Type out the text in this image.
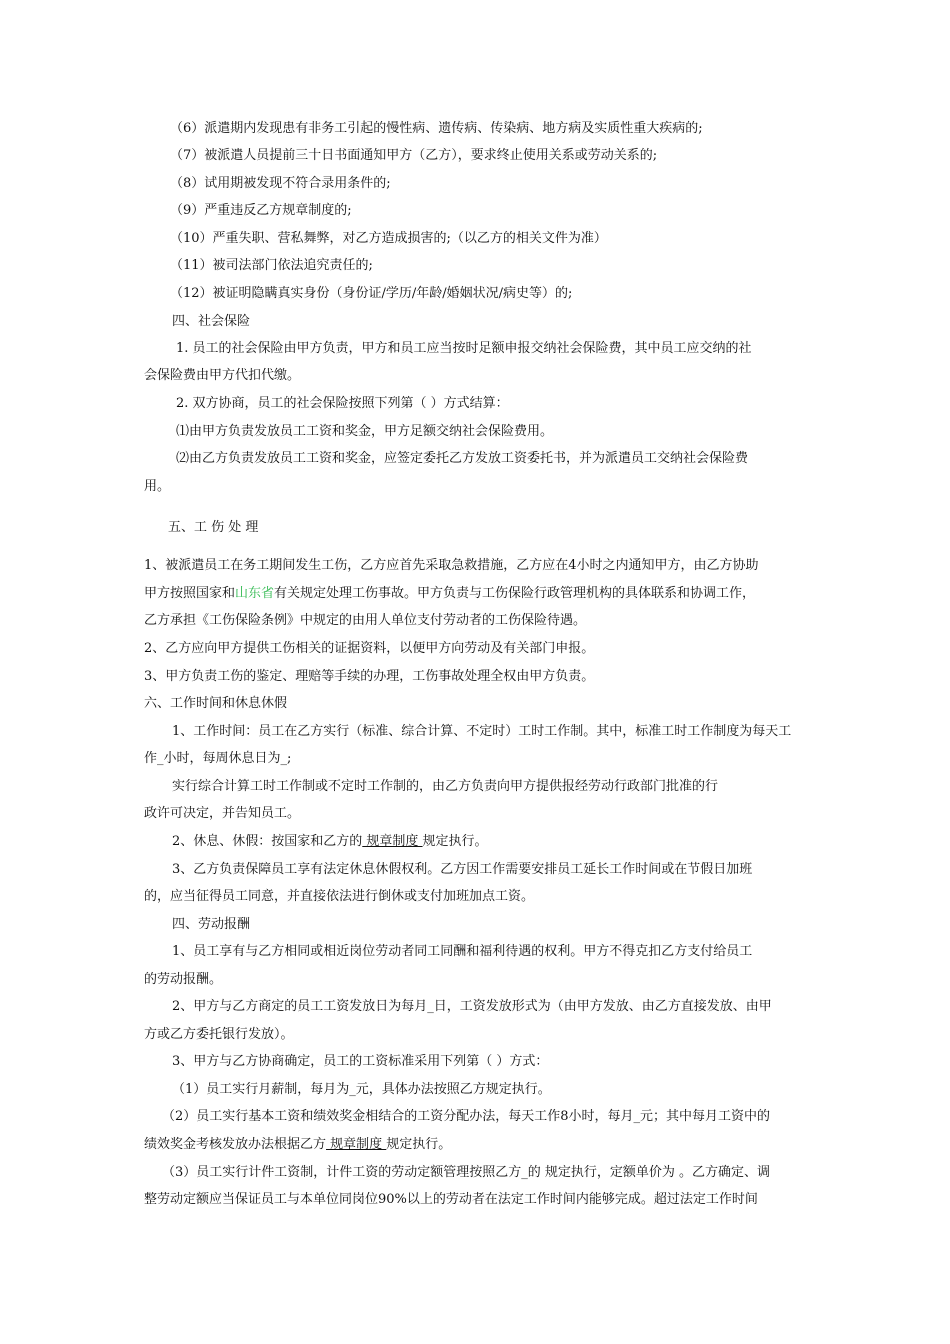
（6）派遣期内发现患有非务工引起的慢性病、遗传病、传染病、地方病及实质性重大疾病的;
（7）被派遣人员提前三十日书面通知甲方（乙方），要求终止使用关系或劳动关系的;
（8）试用期被发现不符合录用条件的;
（9）严重违反乙方规章制度的;
（10）严重失职、营私舞弊，对乙方造成损害的;（以乙方的相关文件为准）
（11）被司法部门依法追究责任的;
（12）被证明隐瞒真实身份（身份证/学历/年龄/婚姻状况/病史等）的;
四、社会保险
1. 员工的社会保险由甲方负责，甲方和员工应当按时足额申报交纳社会保险费，其中员工应交纳的社
会保险费由甲方代扣代缴。
2. 双方协商，员工的社会保险按照下列第（ ）方式结算：
⑴由甲方负责发放员工工资和奖金，甲方足额交纳社会保险费用。
⑵由乙方负责发放员工工资和奖金，应签定委托乙方发放工资委托书，并为派遣员工交纳社会保险费
用。
五、工 伤 处 理
1、被派遣员工在务工期间发生工伤，乙方应首先采取急救措施，乙方应在4小时之内通知甲方，由乙方协助
甲方按照国家和山东省有关规定处理工伤事故。甲方负责与工伤保险行政管理机构的具体联系和协调工作，
乙方承担《工伤保险条例》中规定的由用人单位支付劳动者的工伤保险待遇。
2、乙方应向甲方提供工伤相关的证据资料，以便甲方向劳动及有关部门申报。
3、甲方负责工伤的鉴定、理赔等手续的办理，工伤事故处理全权由甲方负责。
六、工作时间和休息休假
1、工作时间：员工在乙方实行（标准、综合计算、不定时）工时工作制。其中，标准工时工作制度为每天工
作_小时，每周休息日为_;
实行综合计算工时工作制或不定时工作制的，由乙方负责向甲方提供报经劳动行政部门批准的行
政许可决定，并告知员工。
2、休息、休假：按国家和乙方的 规章制度 规定执行。
3、乙方负责保障员工享有法定休息休假权利。乙方因工作需要安排员工延长工作时间或在节假日加班
的，应当征得员工同意，并直接依法进行倒休或支付加班加点工资。
四、劳动报酬
1、员工享有与乙方相同或相近岗位劳动者同工同酬和福利待遇的权利。甲方不得克扣乙方支付给员工
的劳动报酬。
2、甲方与乙方商定的员工工资发放日为每月_日，工资发放形式为（由甲方发放、由乙方直接发放、由甲
方或乙方委托银行发放）。
3、甲方与乙方协商确定，员工的工资标准采用下列第（ ）方式：
（1）员工实行月薪制，每月为_元，具体办法按照乙方规定执行。
（2）员工实行基本工资和绩效奖金相结合的工资分配办法，每天工作8小时，每月_元；其中每月工资中的
绩效奖金考核发放办法根据乙方 规章制度 规定执行。
（3）员工实行计件工资制，计件工资的劳动定额管理按照乙方_的 规定执行，定额单价为 。乙方确定、调
整劳动定额应当保证员工与本单位同岗位90%以上的劳动者在法定工作时间内能够完成。超过法定工作时间
